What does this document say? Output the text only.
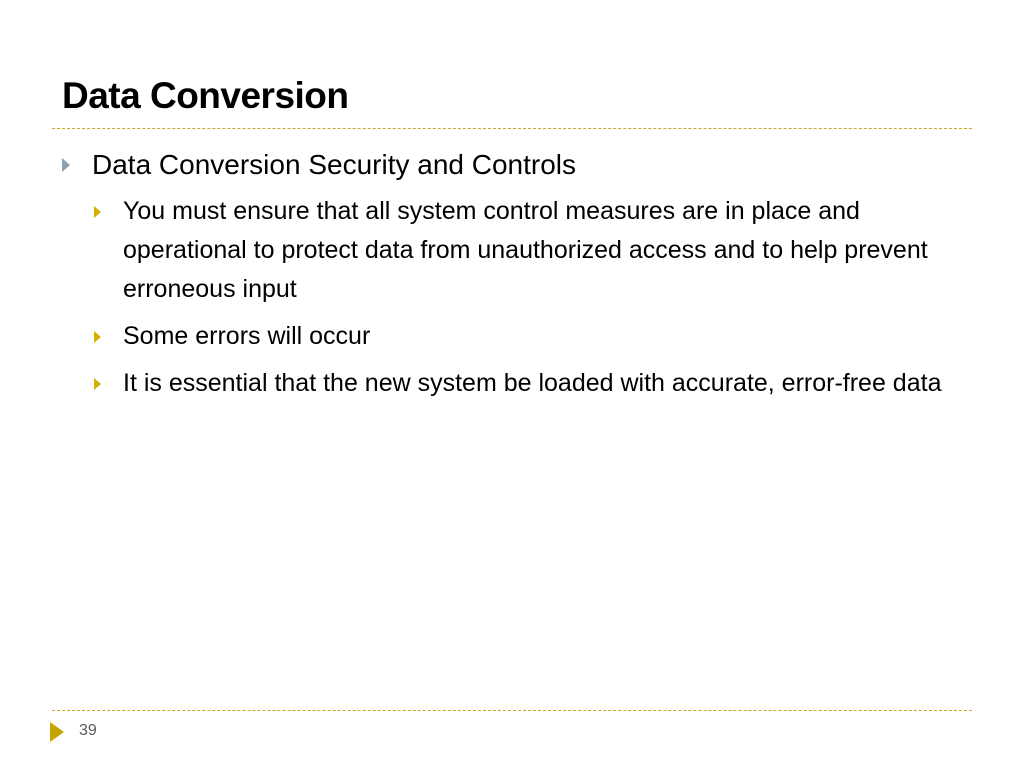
Data Conversion
Data Conversion Security and Controls
You must ensure that all system control measures are in place and operational to protect data from unauthorized access and to help prevent erroneous input
Some errors will occur
It is essential that the new system be loaded with accurate, error-free data
39
